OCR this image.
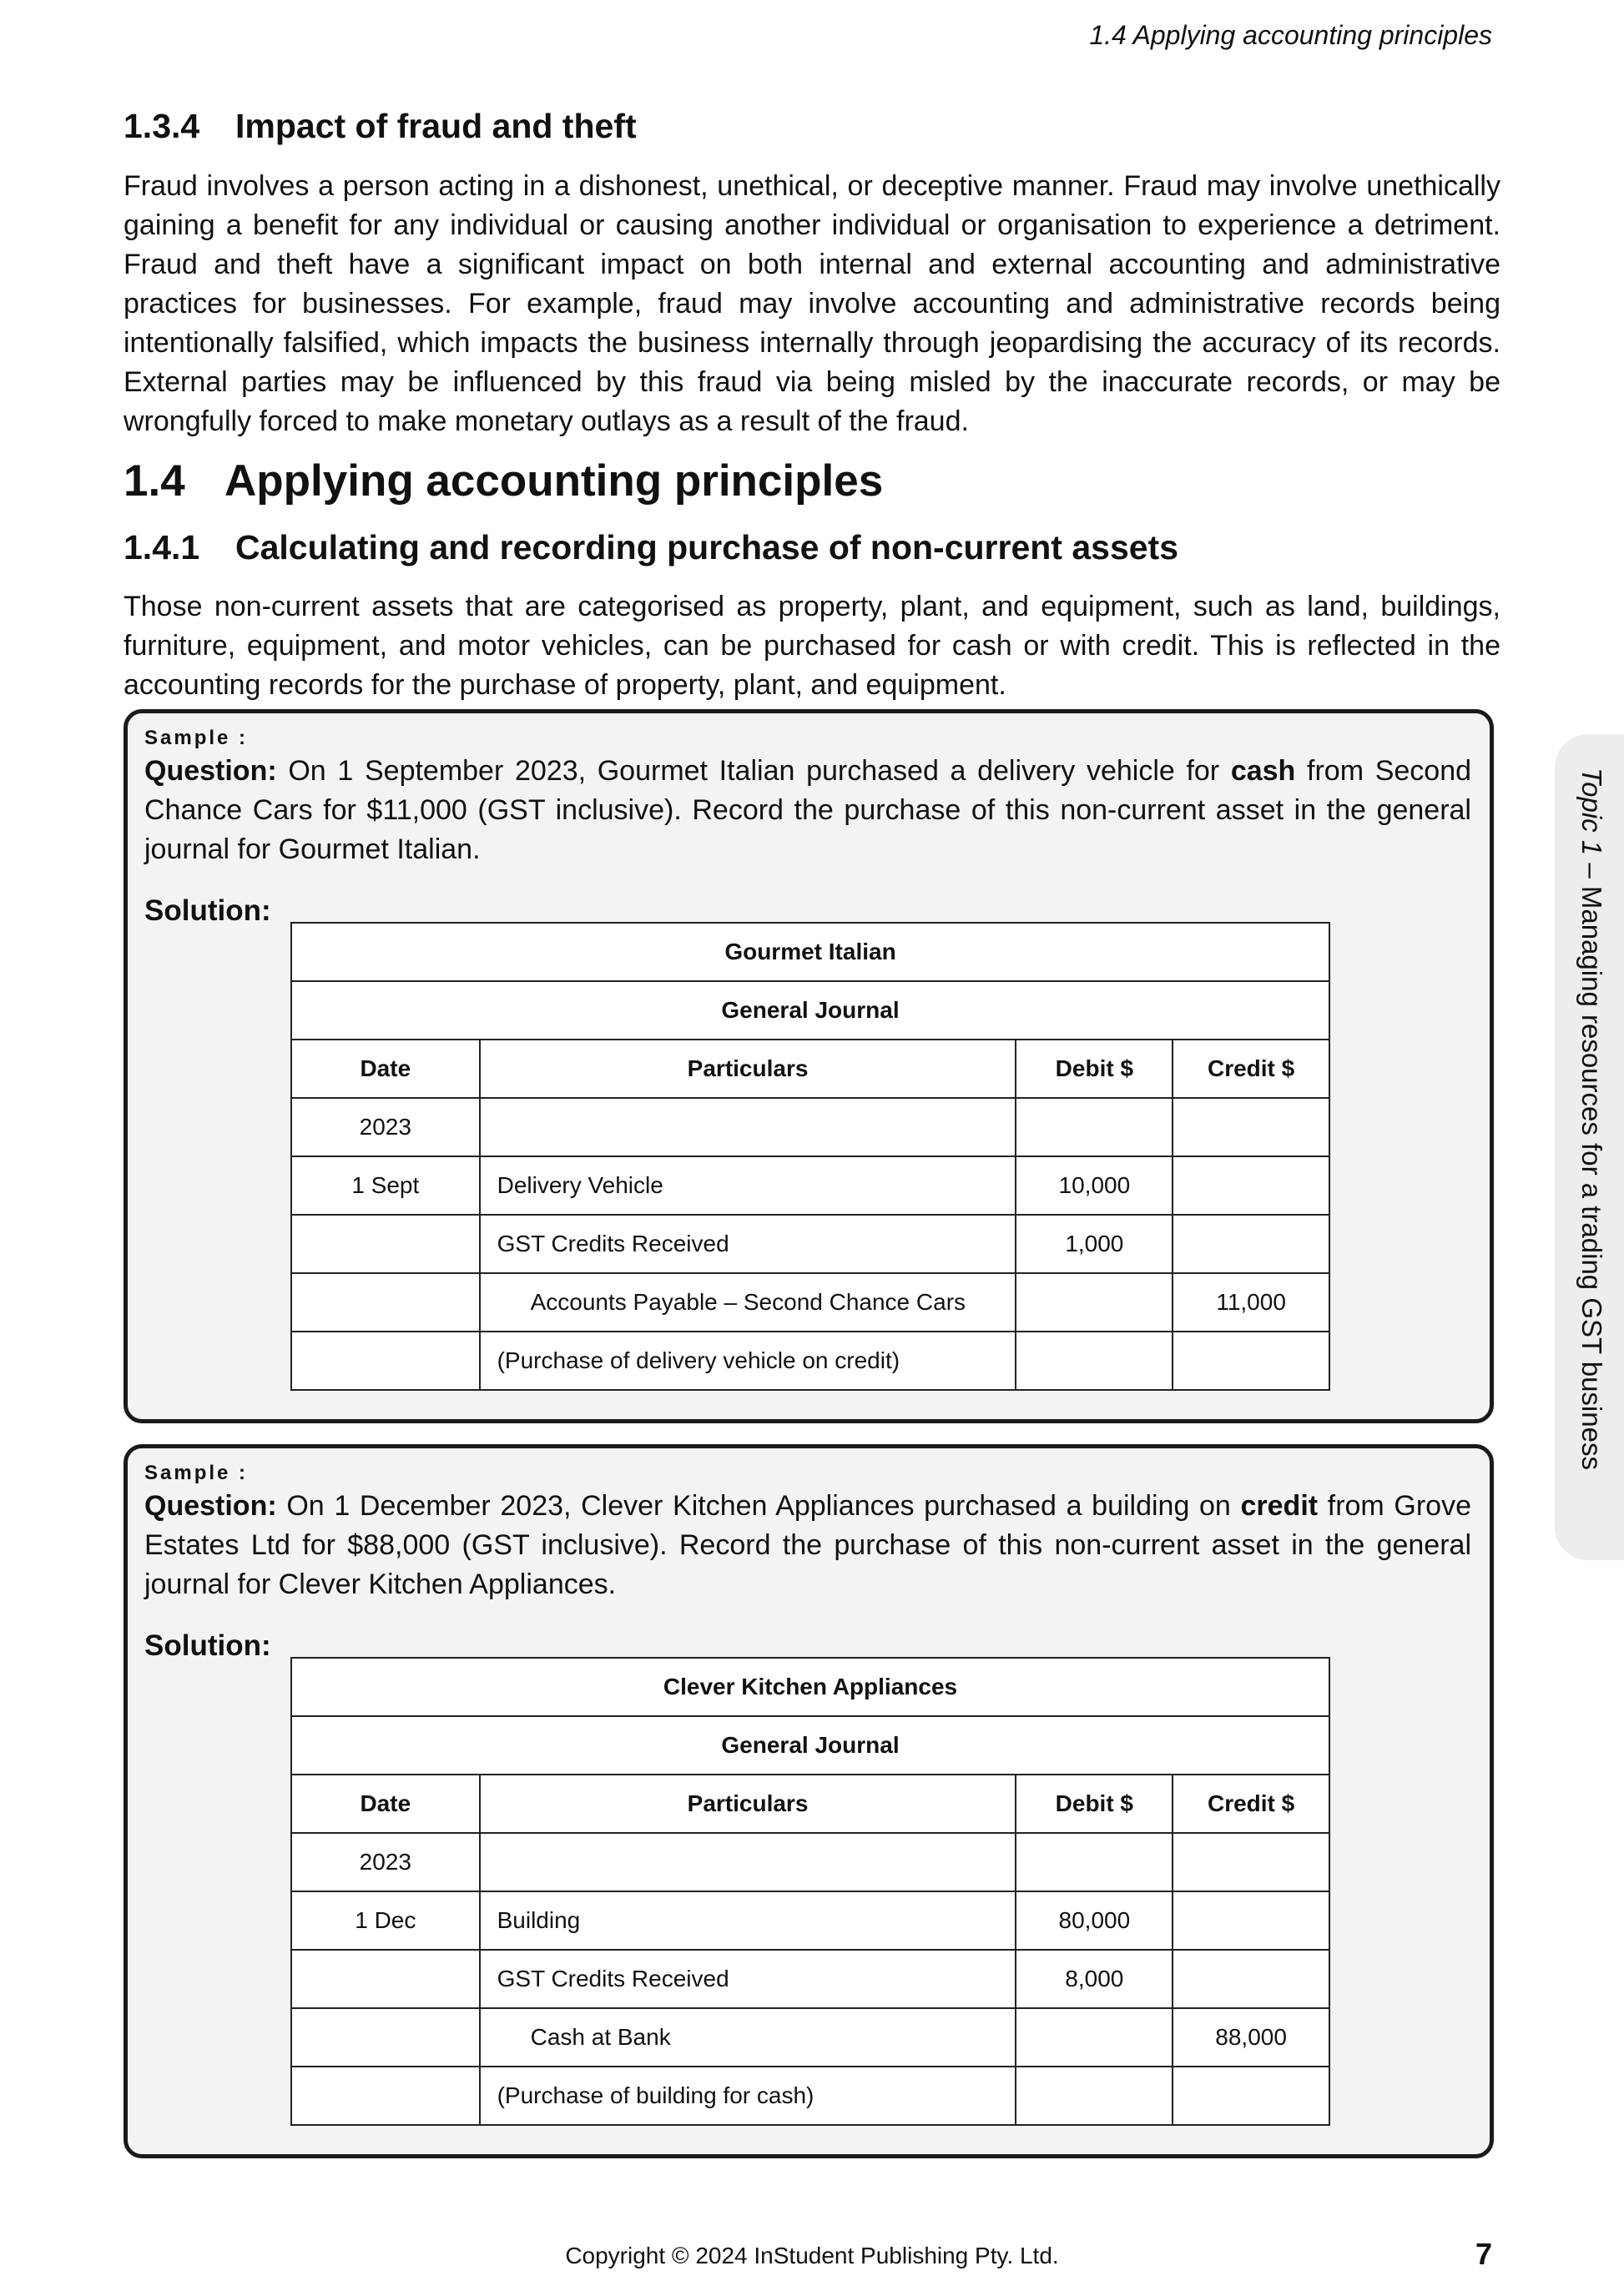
1.4 Applying accounting principles
1.3.4 Impact of fraud and theft

Fraud involves a person acting in a dishonest, unethical, or deceptive manner. Fraud may involve unethically gaining a benefit for any individual or causing another individual or organisation to experience a detriment. Fraud and theft have a significant impact on both internal and external accounting and administrative practices for businesses. For example, fraud may involve accounting and administrative records being intentionally falsified, which impacts the business internally through jeopardising the accuracy of its records. External parties may be influenced by this fraud via being misled by the inaccurate records, or may be wrongfully forced to make monetary outlays as a result of the fraud.

1.4 Applying accounting principles
1.4.1 Calculating and recording purchase of non-current assets

Those non-current assets that are categorised as property, plant, and equipment, such as land, buildings, furniture, equipment, and motor vehicles, can be purchased for cash or with credit. This is reflected in the accounting records for the purchase of property, plant, and equipment.

Sample :

Question: On 1 September 2023, Gourmet Italian purchased a delivery vehicle for cash from Second Chance Cars for $11,000 (GST inclusive). Record the purchase of this non-current asset in the general journal for Gourmet Italian.

Solution:
Gourmet Italian			
General Journal			
Date	Particulars	Debit $	Credit $
2023			
1 Sept	Delivery Vehicle	10,000	
	GST Credits Received	1,000	
	Accounts Payable – Second Chance Cars		11,000
	(Purchase of delivery vehicle on credit)		
Sample :

Question: On 1 December 2023, Clever Kitchen Appliances purchased a building on credit from Grove Estates Ltd for $88,000 (GST inclusive). Record the purchase of this non-current asset in the general journal for Clever Kitchen Appliances.

Solution:
Clever Kitchen Appliances			
General Journal			
Date	Particulars	Debit $	Credit $
2023			
1 Dec	Building	80,000	
	GST Credits Received	8,000	
	Cash at Bank		88,000
	(Purchase of building for cash)		
Topic 1 – Managing resources for a trading GST business
Copyright © 2024 InStudent Publishing Pty. Ltd.	7
